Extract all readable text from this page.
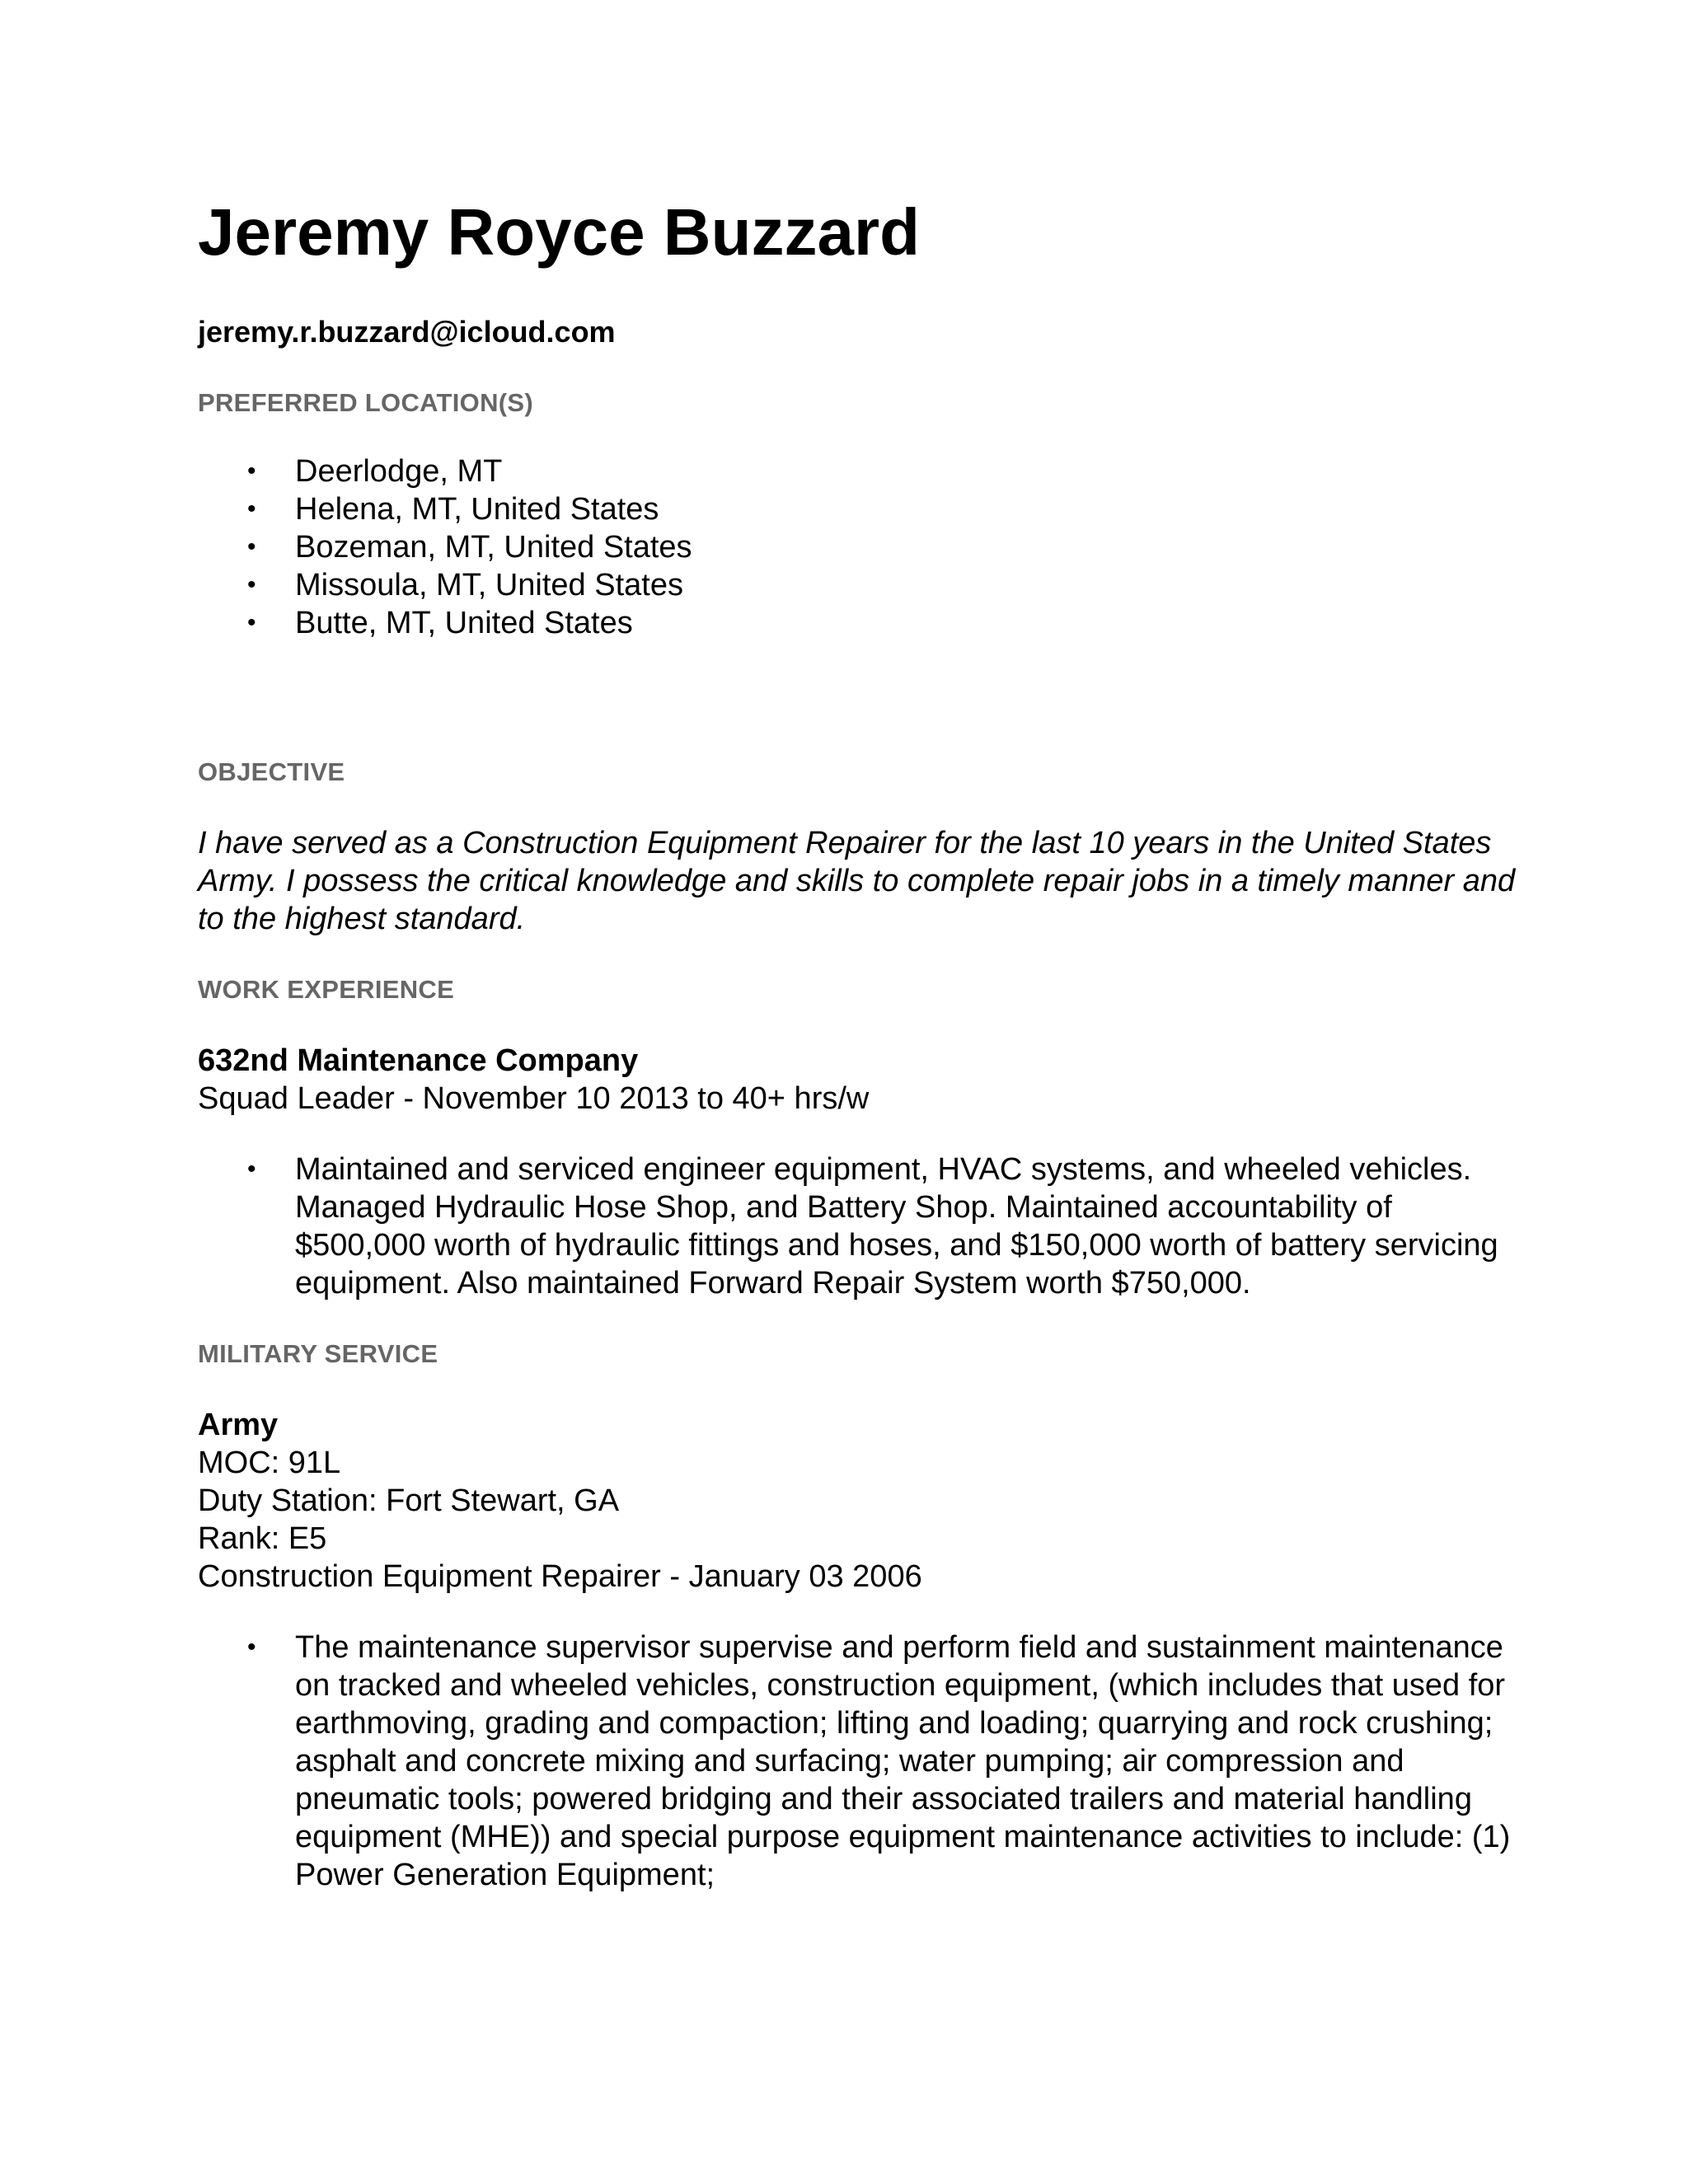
Jeremy Royce Buzzard
jeremy.r.buzzard@icloud.com
PREFERRED LOCATION(S)
• Deerlodge, MT
• Helena, MT, United States
• Bozeman, MT, United States
• Missoula, MT, United States
• Butte, MT, United States
OBJECTIVE
I have served as a Construction Equipment Repairer for the last 10 years in the United States Army. I possess the critical knowledge and skills to complete repair jobs in a timely manner and to the highest standard.
WORK EXPERIENCE
632nd Maintenance Company
Squad Leader - November 10 2013 to 40+ hrs/w
• Maintained and serviced engineer equipment, HVAC systems, and wheeled vehicles. Managed Hydraulic Hose Shop, and Battery Shop. Maintained accountability of $500,000 worth of hydraulic fittings and hoses, and $150,000 worth of battery servicing equipment. Also maintained Forward Repair System worth $750,000.
MILITARY SERVICE
Army
MOC: 91L
Duty Station: Fort Stewart, GA
Rank: E5
Construction Equipment Repairer - January 03 2006
• The maintenance supervisor supervise and perform field and sustainment maintenance on tracked and wheeled vehicles, construction equipment, (which includes that used for earthmoving, grading and compaction; lifting and loading; quarrying and rock crushing; asphalt and concrete mixing and surfacing; water pumping; air compression and pneumatic tools; powered bridging and their associated trailers and material handling equipment (MHE)) and special purpose equipment maintenance activities to include: (1) Power Generation Equipment;
